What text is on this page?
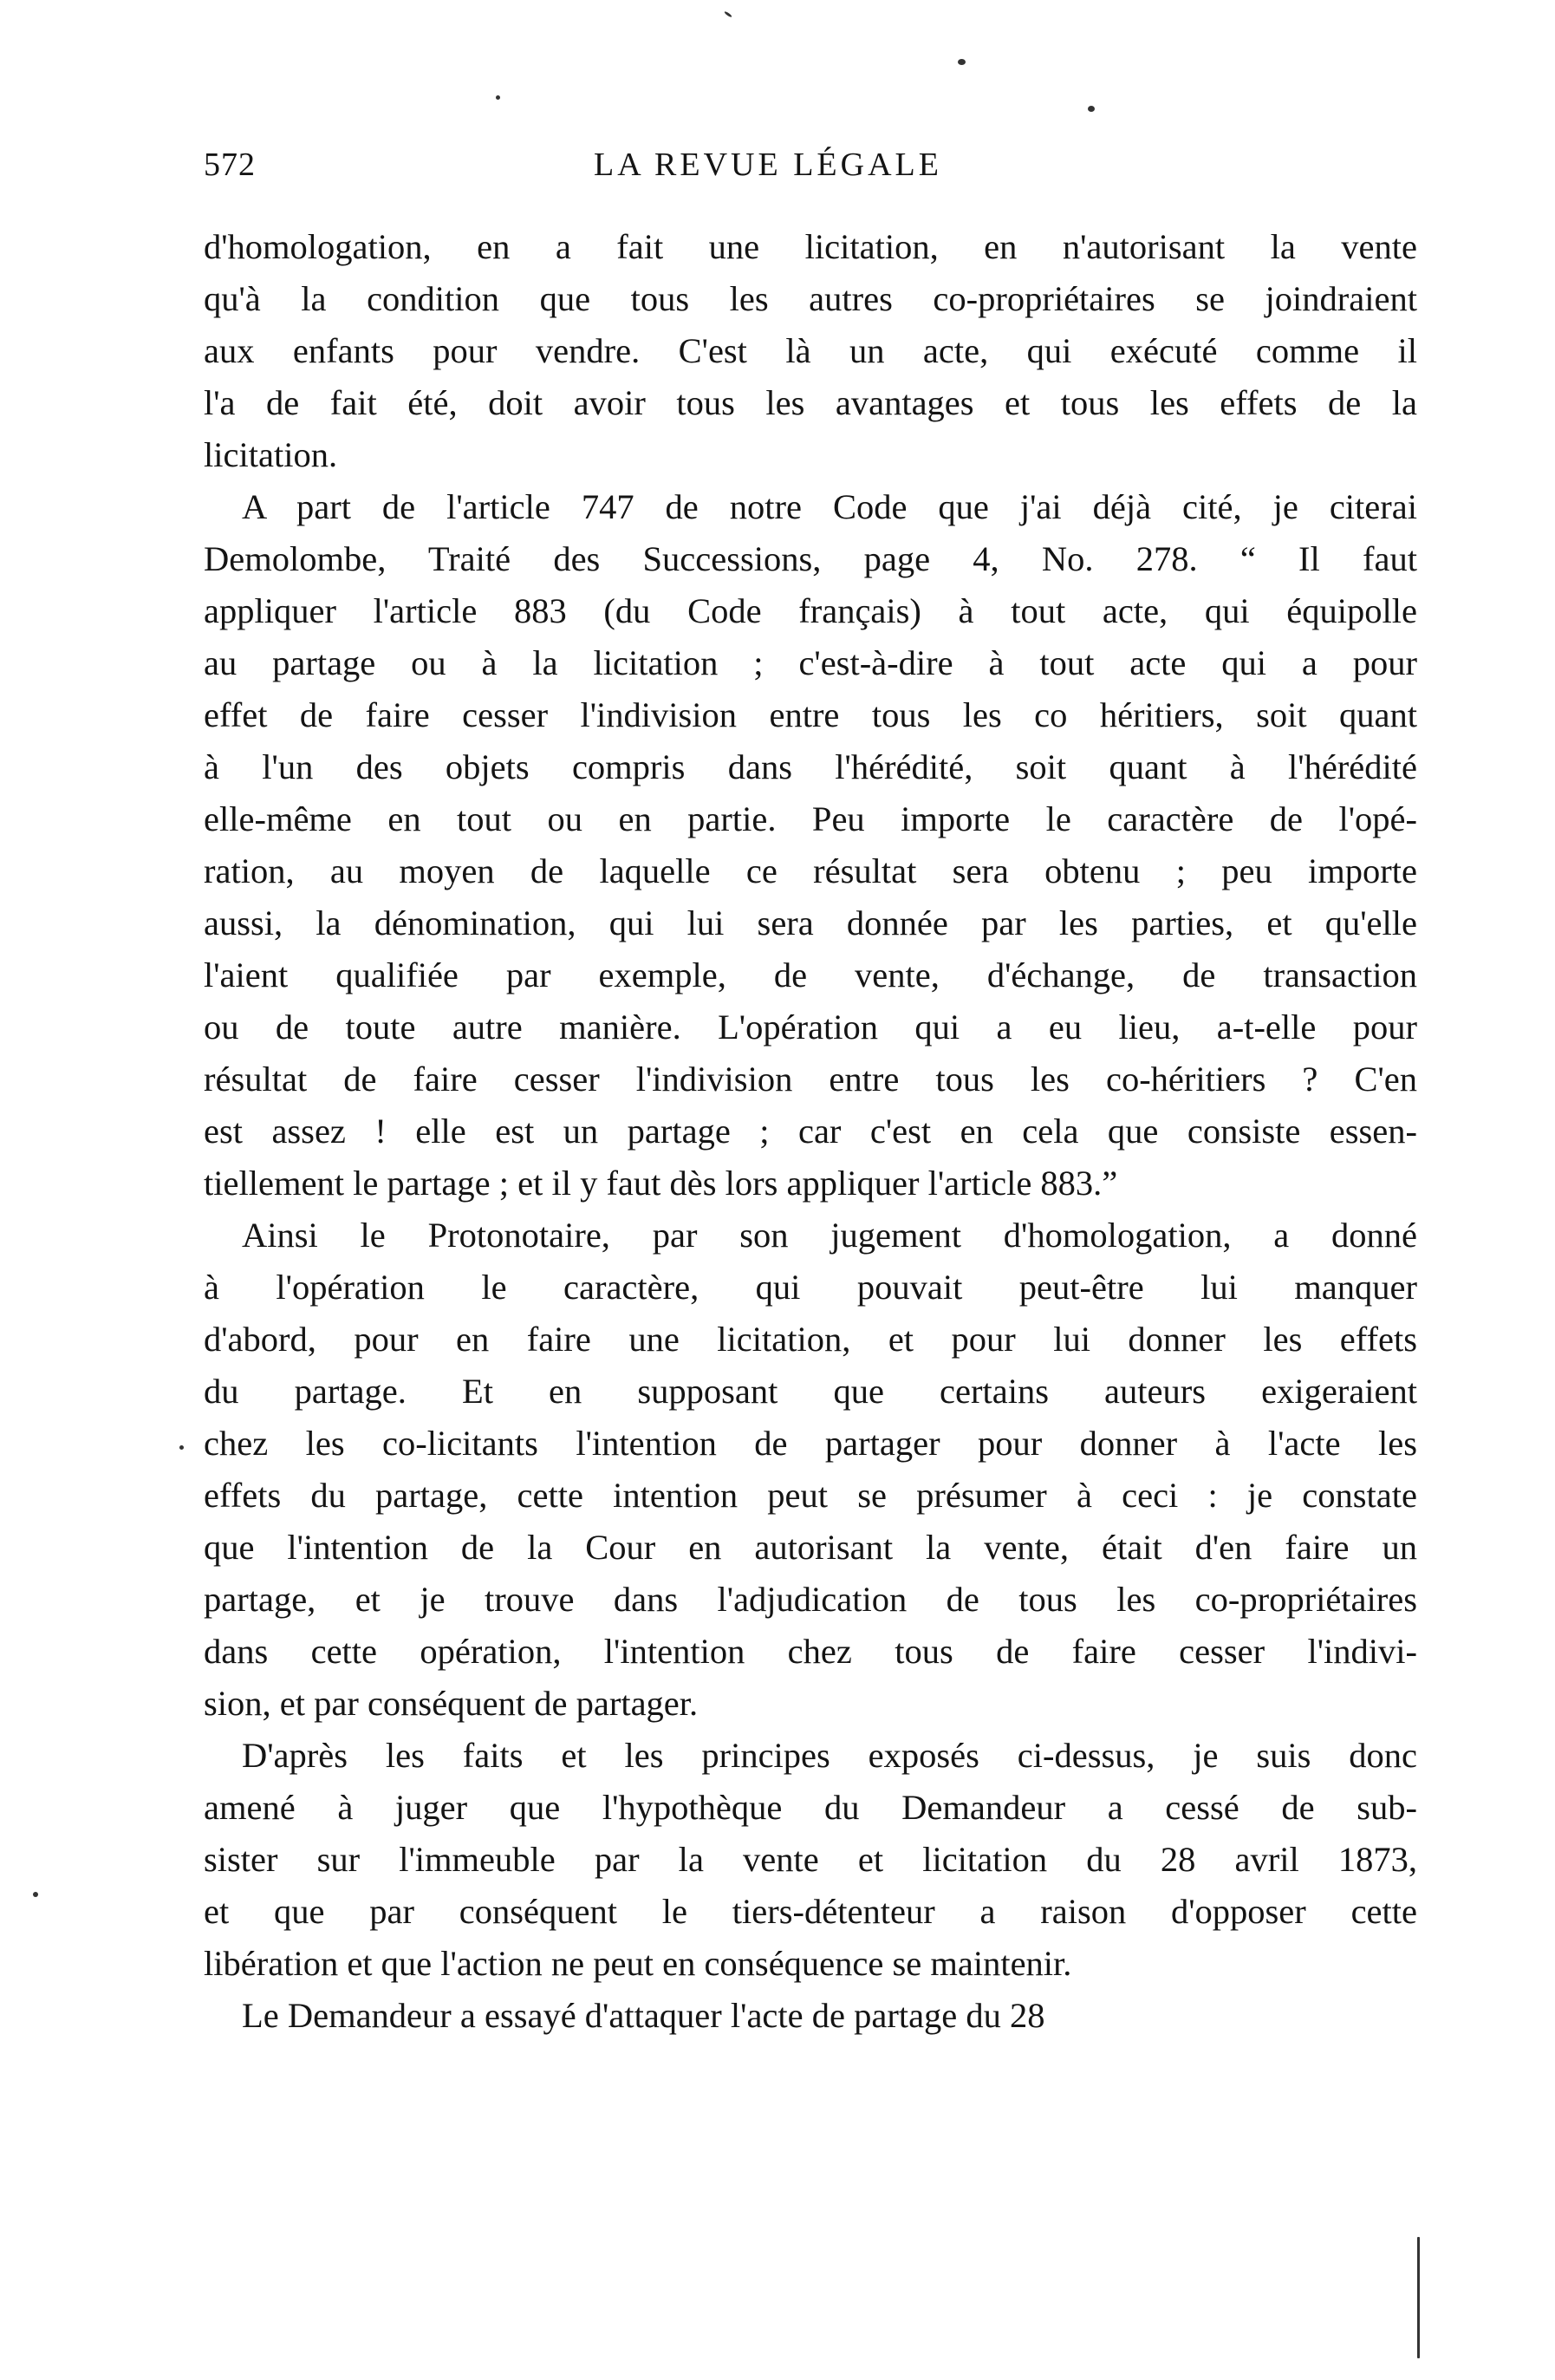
572	LA REVUE LÉGALE
d'homologation, en a fait une licitation, en n'autorisant la vente
qu'à la condition que tous les autres co-propriétaires se joindraient
aux enfants pour vendre. C'est là un acte, qui exécuté comme il
l'a de fait été, doit avoir tous les avantages et tous les effets de la
licitation.
A part de l'article 747 de notre Code que j'ai déjà cité, je citerai
Demolombe, Traité des Successions, page 4, No. 278. “ Il faut
appliquer l'article 883 (du Code français) à tout acte, qui équipolle
au partage ou à la licitation ; c'est-à-dire à tout acte qui a pour
effet de faire cesser l'indivision entre tous les co héritiers, soit quant
à l'un des objets compris dans l'hérédité, soit quant à l'hérédité
elle-même en tout ou en partie. Peu importe le caractère de l'opé-
ration, au moyen de laquelle ce résultat sera obtenu ; peu importe
aussi, la dénomination, qui lui sera donnée par les parties, et qu'elle
l'aient qualifiée par exemple, de vente, d'échange, de transaction
ou de toute autre manière. L'opération qui a eu lieu, a-t-elle pour
résultat de faire cesser l'indivision entre tous les co-héritiers ? C'en
est assez ! elle est un partage ; car c'est en cela que consiste essen-
tiellement le partage ; et il y faut dès lors appliquer l'article 883.”
Ainsi le Protonotaire, par son jugement d'homologation, a donné
à l'opération le caractère, qui pouvait peut-être lui manquer
d'abord, pour en faire une licitation, et pour lui donner les effets
du partage. Et en supposant que certains auteurs exigeraient
chez les co-licitants l'intention de partager pour donner à l'acte les
effets du partage, cette intention peut se présumer à ceci : je constate
que l'intention de la Cour en autorisant la vente, était d'en faire un
partage, et je trouve dans l'adjudication de tous les co-propriétaires
dans cette opération, l'intention chez tous de faire cesser l'indivi-
sion, et par conséquent de partager.
D'après les faits et les principes exposés ci-dessus, je suis donc
amené à juger que l'hypothèque du Demandeur a cessé de sub-
sister sur l'immeuble par la vente et licitation du 28 avril 1873,
et que par conséquent le tiers-détenteur a raison d'opposer cette
libération et que l'action ne peut en conséquence se maintenir.
Le Demandeur a essayé d'attaquer l'acte de partage du 28
